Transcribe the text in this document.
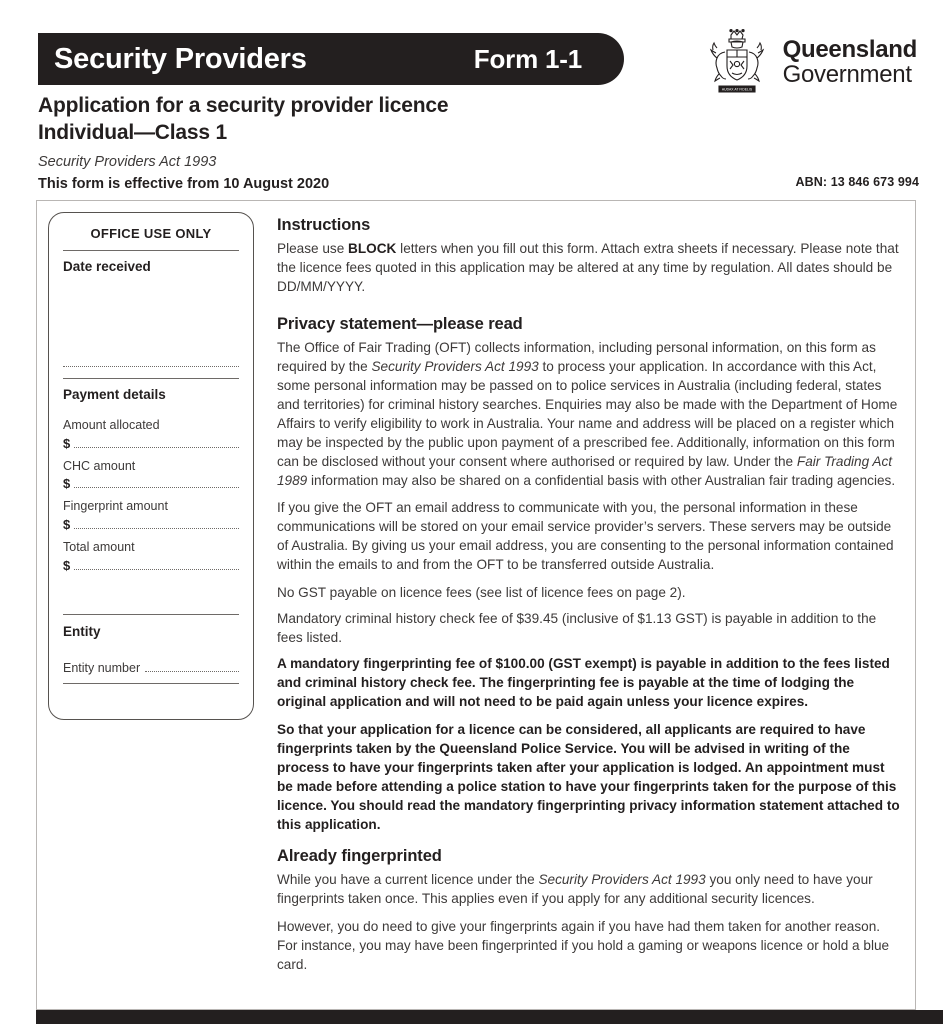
Security Providers	Form 1-1
AUDAX AT FIDELIS
Queensland
Government
Application for a security provider licence
Individual—Class 1
Security Providers Act 1993
This form is effective from 10 August 2020	ABN: 13 846 673 994
OFFICE USE ONLY
Date received
Payment details
Amount allocated
$
CHC amount
$
Fingerprint amount
$
Total amount
$
Entity
Entity number
Instructions

Please use BLOCK letters when you fill out this form. Attach extra sheets if necessary. Please note that the licence fees quoted in this application may be altered at any time by regulation. All dates should be DD/MM/YYYY.

Privacy statement—please read

The Office of Fair Trading (OFT) collects information, including personal information, on this form as required by the Security Providers Act 1993 to process your application. In accordance with this Act, some personal information may be passed on to police services in Australia (including federal, states and territories) for criminal history searches. Enquiries may also be made with the Department of Home Affairs to verify eligibility to work in Australia. Your name and address will be placed on a register which may be inspected by the public upon payment of a prescribed fee. Additionally, information on this form can be disclosed without your consent where authorised or required by law. Under the Fair Trading Act 1989 information may also be shared on a confidential basis with other Australian fair trading agencies.

If you give the OFT an email address to communicate with you, the personal information in these communications will be stored on your email service provider’s servers. These servers may be outside of Australia. By giving us your email address, you are consenting to the personal information contained within the emails to and from the OFT to be transferred outside Australia.

No GST payable on licence fees (see list of licence fees on page 2).

Mandatory criminal history check fee of $39.45 (inclusive of $1.13 GST) is payable in addition to the fees listed.

A mandatory fingerprinting fee of $100.00 (GST exempt) is payable in addition to the fees listed and criminal history check fee. The fingerprinting fee is payable at the time of lodging the original application and will not need to be paid again unless your licence expires.

So that your application for a licence can be considered, all applicants are required to have fingerprints taken by the Queensland Police Service. You will be advised in writing of the process to have your fingerprints taken after your application is lodged. An appointment must be made before attending a police station to have your fingerprints taken for the purpose of this licence. You should read the mandatory fingerprinting privacy information statement attached to this application.

Already fingerprinted

While you have a current licence under the Security Providers Act 1993 you only need to have your fingerprints taken once. This applies even if you apply for any additional security licences.

However, you do need to give your fingerprints again if you have had them taken for another reason. For instance, you may have been fingerprinted if you hold a gaming or weapons licence or hold a blue card.
